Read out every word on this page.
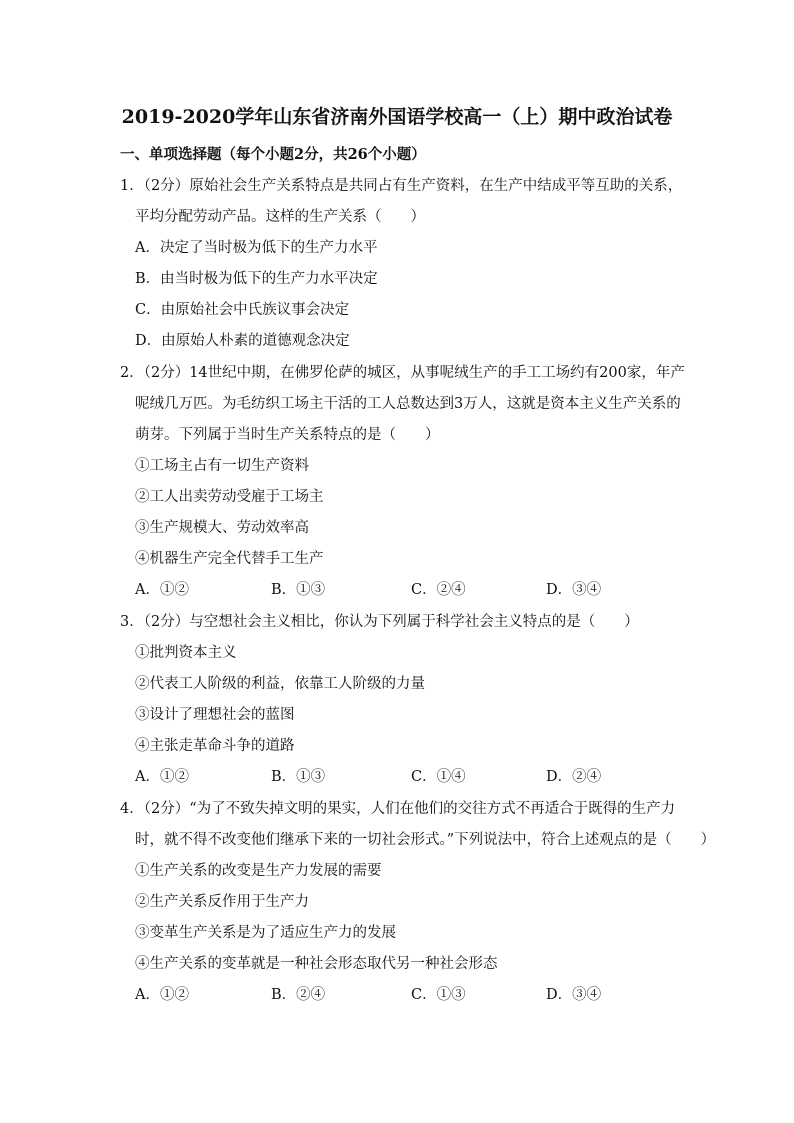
2019-2020学年山东省济南外国语学校高一（上）期中政治试卷
一、单项选择题（每个小题2分，共26个小题）
1．（2分）原始社会生产关系特点是共同占有生产资料，在生产中结成平等互助的关系，
平均分配劳动产品。这样的生产关系（　　）
A．决定了当时极为低下的生产力水平
B．由当时极为低下的生产力水平决定
C．由原始社会中氏族议事会决定
D．由原始人朴素的道德观念决定
2．（2分）14世纪中期，在佛罗伦萨的城区，从事呢绒生产的手工工场约有200家，年产
呢绒几万匹。为毛纺织工场主干活的工人总数达到3万人，这就是资本主义生产关系的
萌芽。下列属于当时生产关系特点的是（　　）
①工场主占有一切生产资料
②工人出卖劳动受雇于工场主
③生产规模大、劳动效率高
④机器生产完全代替手工生产
A．①②	B．①③	C．②④	D．③④
3．（2分）与空想社会主义相比，你认为下列属于科学社会主义特点的是（　　）
①批判资本主义
②代表工人阶级的利益，依靠工人阶级的力量
③设计了理想社会的蓝图
④主张走革命斗争的道路
A．①②	B．①③	C．①④	D．②④
4．（2分）“为了不致失掉文明的果实，人们在他们的交往方式不再适合于既得的生产力
时，就不得不改变他们继承下来的一切社会形式。”下列说法中，符合上述观点的是（　　）
①生产关系的改变是生产力发展的需要
②生产关系反作用于生产力
③变革生产关系是为了适应生产力的发展
④生产关系的变革就是一种社会形态取代另一种社会形态
A．①②	B．②④	C．①③	D．③④
